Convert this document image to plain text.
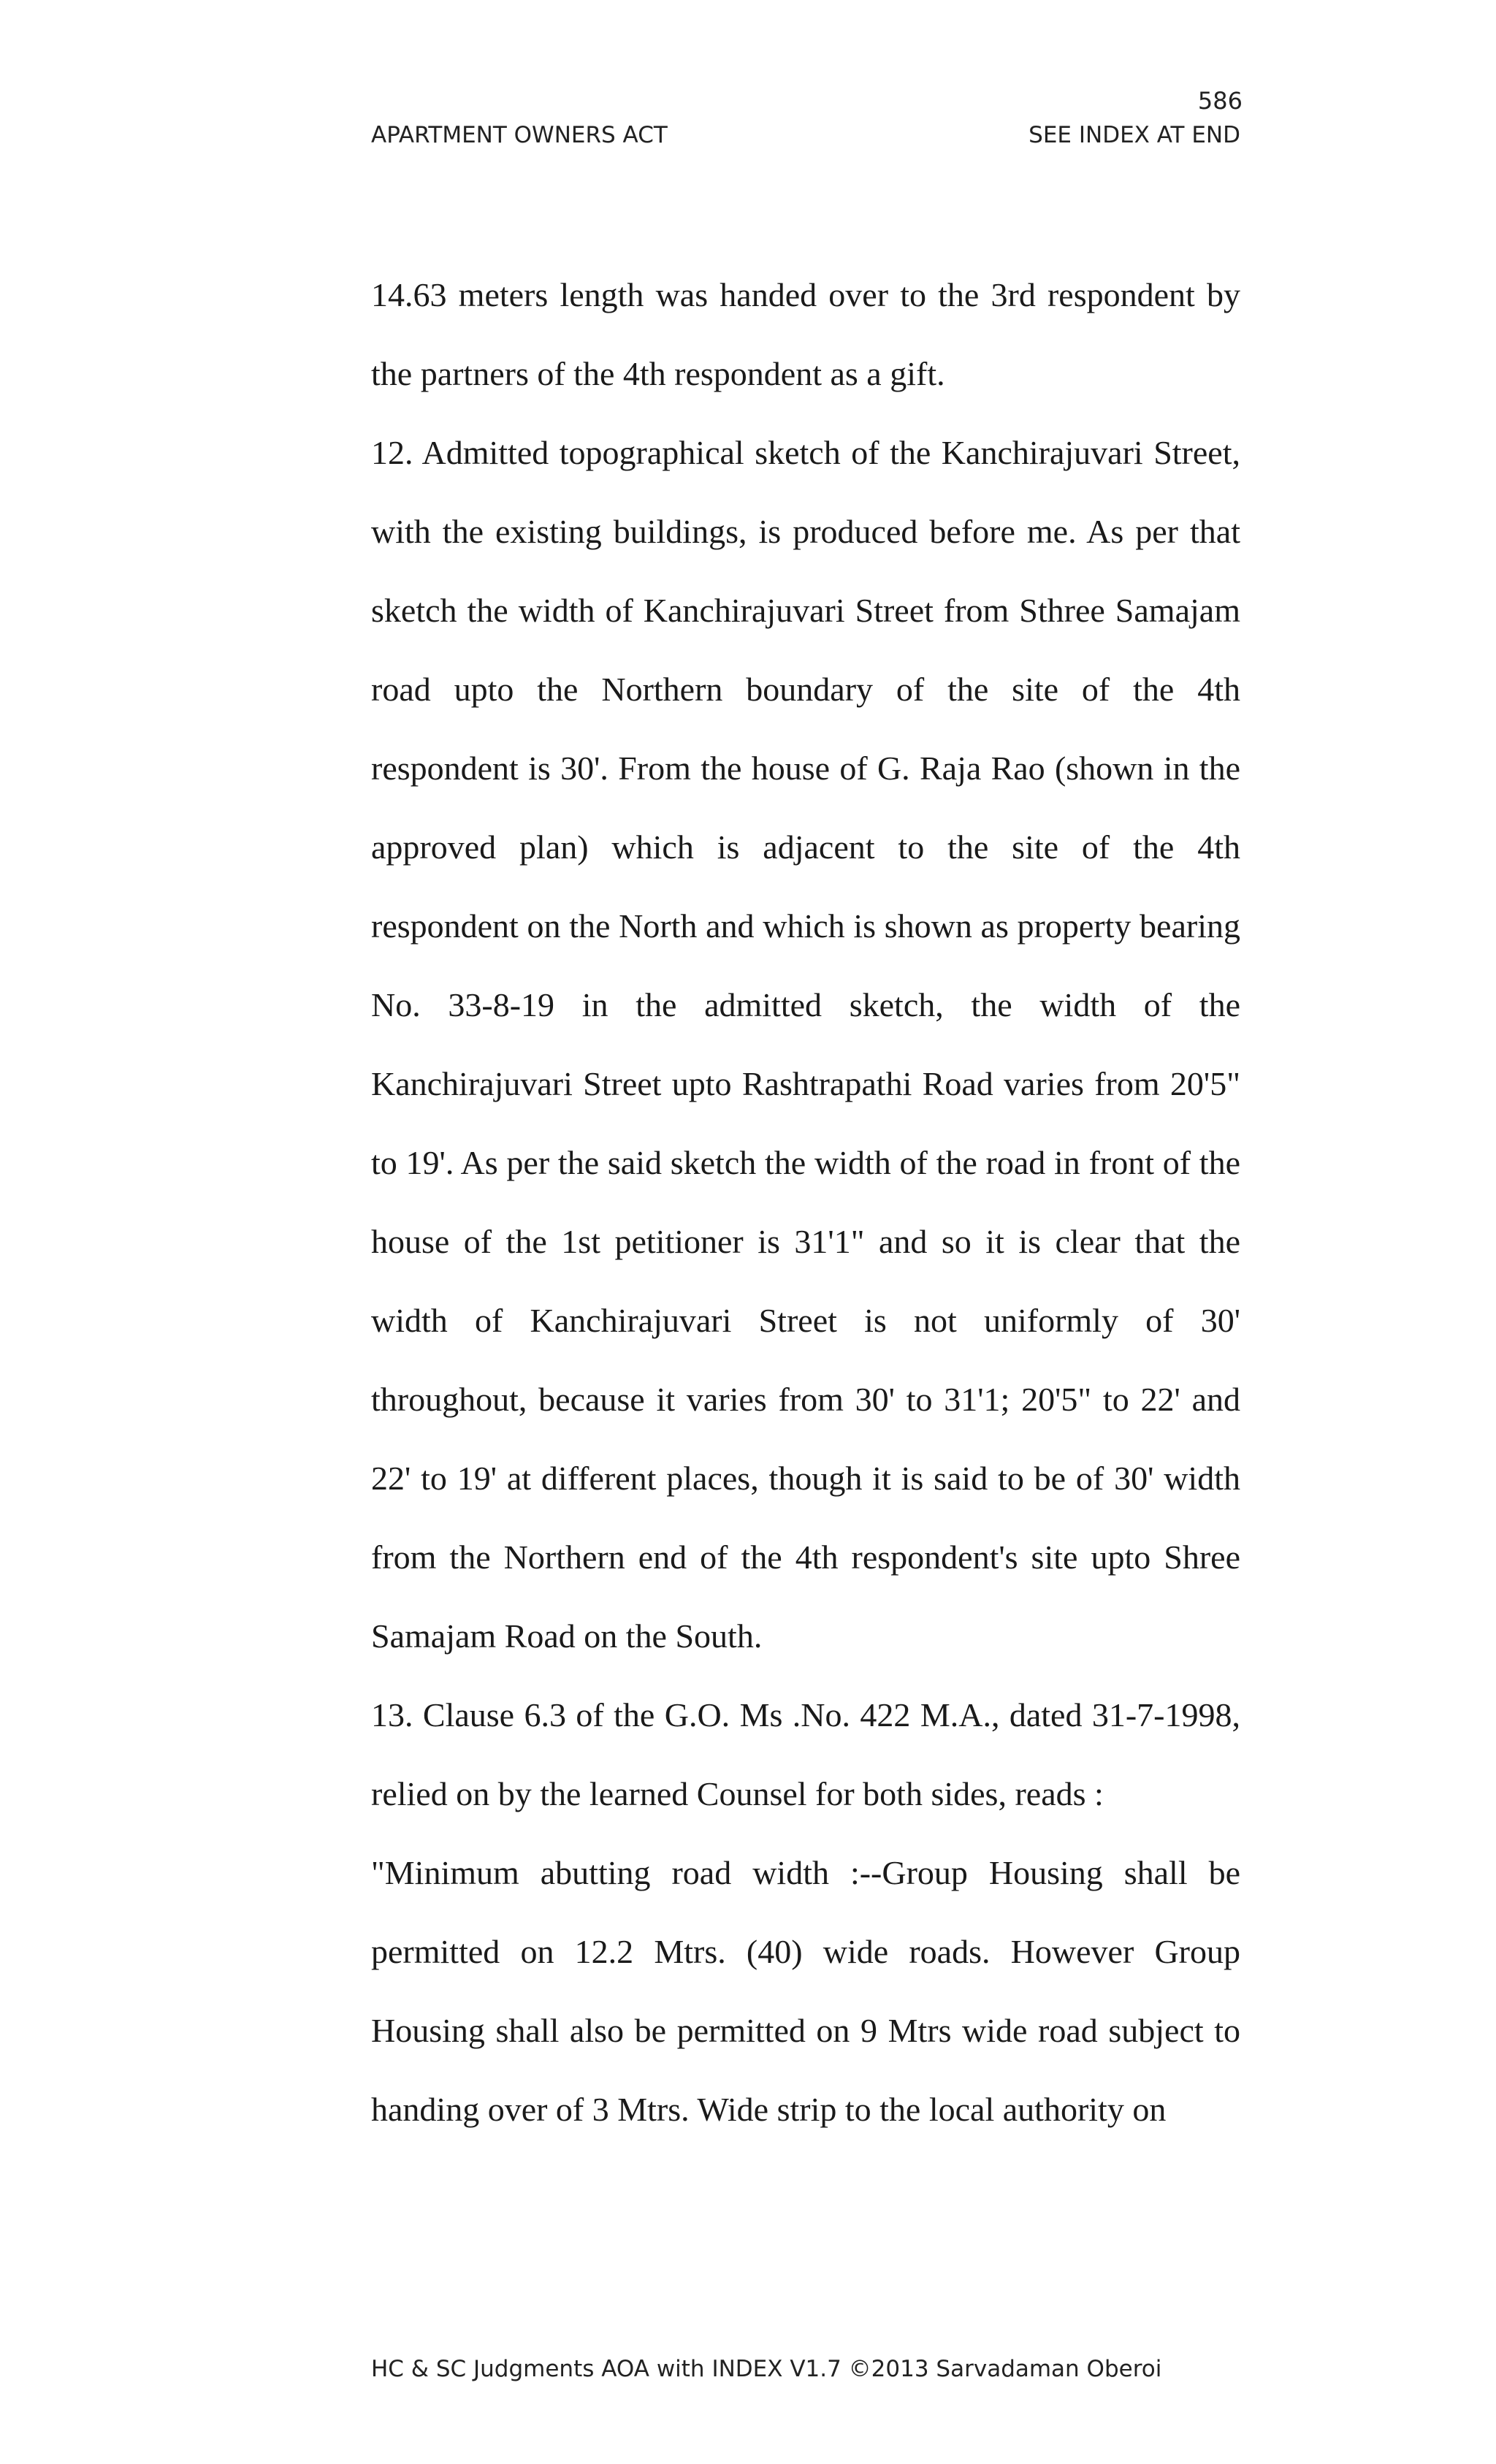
586
APARTMENT OWNERS ACT	SEE INDEX AT END

14.63 meters length was handed over to the 3rd respondent by the partners of the 4th respondent as a gift.

12. Admitted topographical sketch of the Kanchirajuvari Street, with the existing buildings, is produced before me. As per that sketch the width of Kanchirajuvari Street from Sthree Samajam road upto the Northern boundary of the site of the 4th respondent is 30'. From the house of G. Raja Rao (shown in the approved plan) which is adjacent to the site of the 4th respondent on the North and which is shown as property bearing No. 33-8-19 in the admitted sketch, the width of the Kanchirajuvari Street upto Rashtrapathi Road varies from 20'5" to 19'. As per the said sketch the width of the road in front of the house of the 1st petitioner is 31'1" and so it is clear that the width of Kanchirajuvari Street is not uniformly of 30' throughout, because it varies from 30' to 31'1; 20'5" to 22' and 22' to 19' at different places, though it is said to be of 30' width from the Northern end of the 4th respondent's site upto Shree Samajam Road on the South.

13. Clause 6.3 of the G.O. Ms .No. 422 M.A., dated 31-7-1998, relied on by the learned Counsel for both sides, reads :

"Minimum abutting road width :--Group Housing shall be permitted on 12.2 Mtrs. (40) wide roads. However Group Housing shall also be permitted on 9 Mtrs wide road subject to handing over of 3 Mtrs. Wide strip to the local authority on

HC & SC Judgments AOA with INDEX V1.7 ©2013 Sarvadaman Oberoi
